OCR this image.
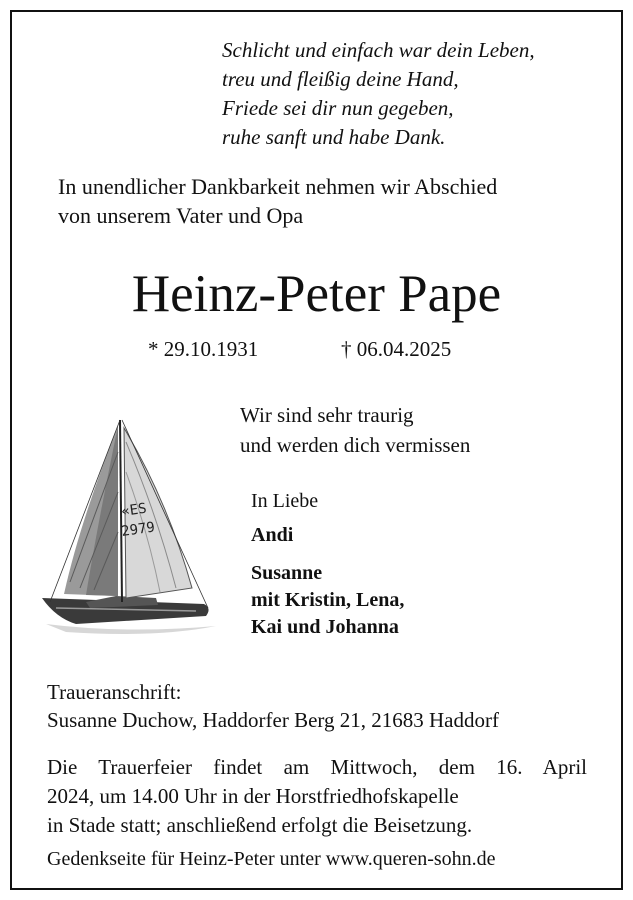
Schlicht und einfach war dein Leben,
treu und fleißig deine Hand,
Friede sei dir nun gegeben,
ruhe sanft und habe Dank.
In unendlicher Dankbarkeit nehmen wir Abschied
von unserem Vater und Opa
Heinz-Peter Pape
* 29.10.1931	† 06.04.2025
«ES
2979
Wir sind sehr traurig
und werden dich vermissen
In Liebe
Andi
Susanne
mit Kristin, Lena,
Kai und Johanna
Traueranschrift:
Susanne Duchow, Haddorfer Berg 21, 21683 Haddorf
Die Trauerfeier findet am Mittwoch, dem 16. April
2024, um 14.00 Uhr in der Horstfriedhofskapelle
in Stade statt; anschließend erfolgt die Beisetzung.
Gedenkseite für Heinz-Peter unter www.queren-sohn.de
